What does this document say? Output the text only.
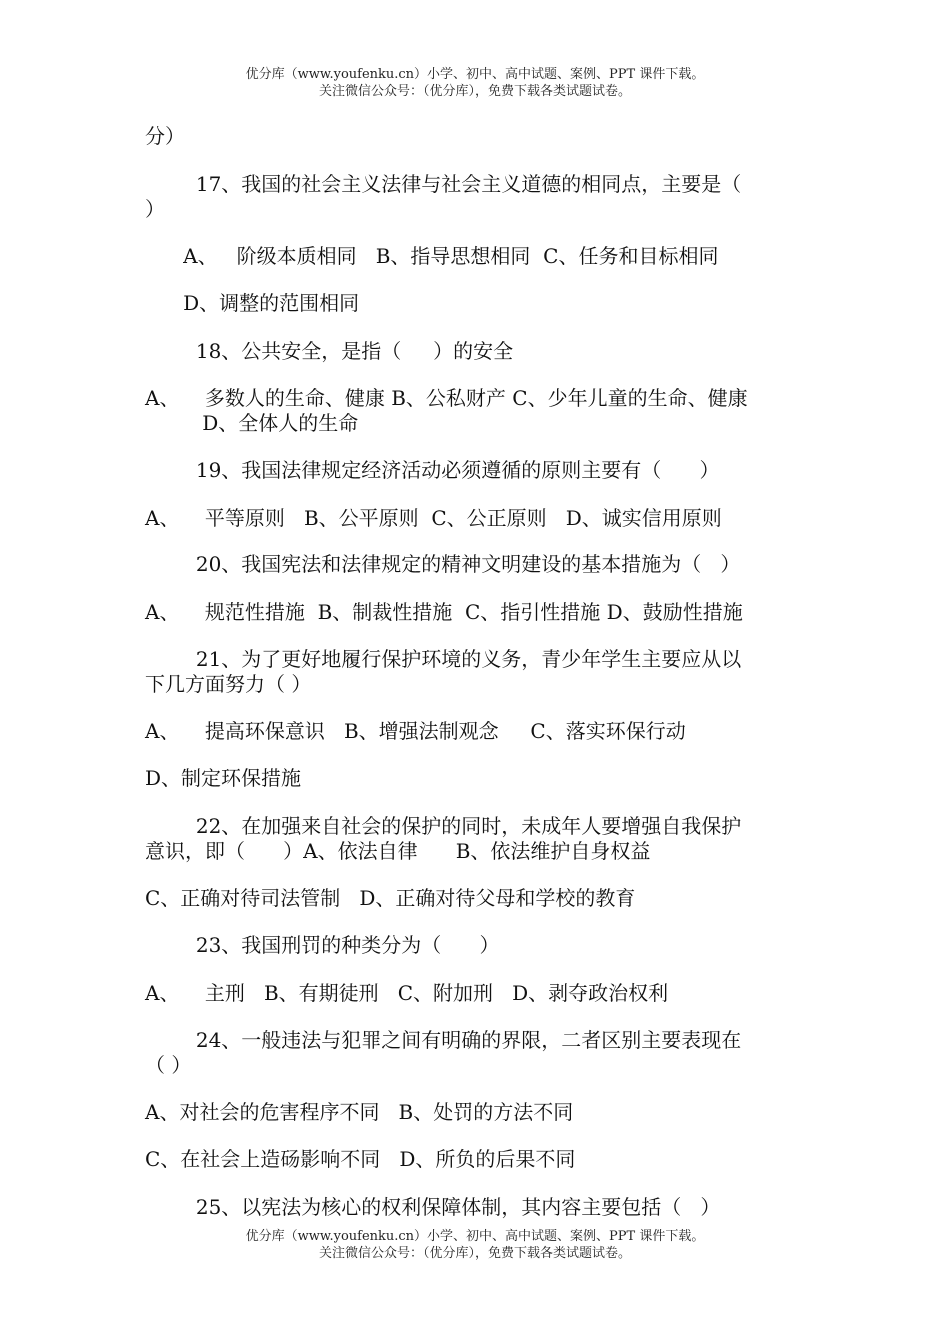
优分库（www.youfenku.cn）小学、初中、高中试题、案例、PPT 课件下载。
关注微信公众号：（优分库），免费下载各类试题试卷。

分）

17、我国的社会主义法律与社会主义道德的相同点，主要是（

）

A、   阶级本质相同   B、指导思想相同  C、任务和目标相同

D、调整的范围相同

18、公共安全，是指（     ）的安全

A、    多数人的生命、健康 B、公私财产 C、少年儿童的生命、健康

D、全体人的生命

19、我国法律规定经济活动必须遵循的原则主要有（      ）

A、    平等原则   B、公平原则  C、公正原则   D、诚实信用原则

20、我国宪法和法律规定的精神文明建设的基本措施为（   ）

A、    规范性措施  B、制裁性措施  C、指引性措施 D、鼓励性措施

21、为了更好地履行保护环境的义务，青少年学生主要应从以

下几方面努力（ ）

A、    提高环保意识   B、增强法制观念     C、落实环保行动

D、制定环保措施

22、在加强来自社会的保护的同时，未成年人要增强自我保护

意识，即（      ）A、依法自律      B、依法维护自身权益

C、正确对待司法管制   D、正确对待父母和学校的教育

23、我国刑罚的种类分为（      ）

A、    主刑   B、有期徒刑   C、附加刑   D、剥夺政治权利

24、一般违法与犯罪之间有明确的界限，二者区别主要表现在

（ ）

A、对社会的危害程序不同   B、处罚的方法不同

C、在社会上造砀影响不同   D、所负的后果不同

25、以宪法为核心的权利保障体制，其内容主要包括（   ）

优分库（www.youfenku.cn）小学、初中、高中试题、案例、PPT 课件下载。
关注微信公众号：（优分库），免费下载各类试题试卷。
